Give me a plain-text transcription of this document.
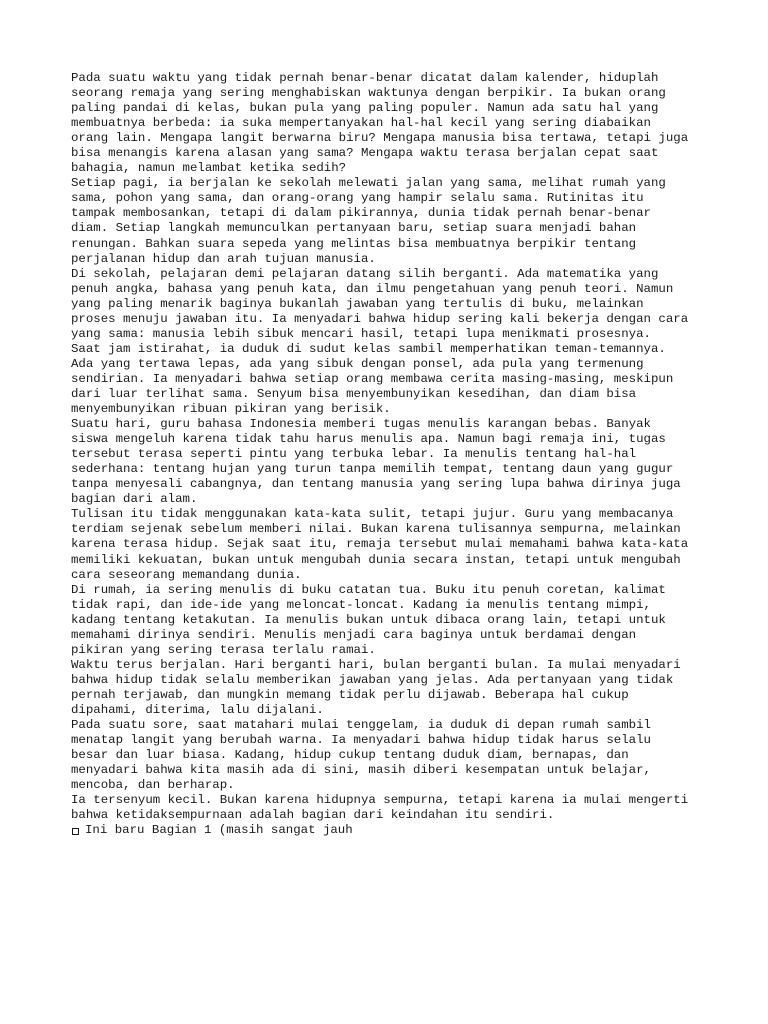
Pada suatu waktu yang tidak pernah benar-benar dicatat dalam kalender, hiduplah
seorang remaja yang sering menghabiskan waktunya dengan berpikir. Ia bukan orang
paling pandai di kelas, bukan pula yang paling populer. Namun ada satu hal yang
membuatnya berbeda: ia suka mempertanyakan hal-hal kecil yang sering diabaikan
orang lain. Mengapa langit berwarna biru? Mengapa manusia bisa tertawa, tetapi juga
bisa menangis karena alasan yang sama? Mengapa waktu terasa berjalan cepat saat
bahagia, namun melambat ketika sedih?
Setiap pagi, ia berjalan ke sekolah melewati jalan yang sama, melihat rumah yang
sama, pohon yang sama, dan orang-orang yang hampir selalu sama. Rutinitas itu
tampak membosankan, tetapi di dalam pikirannya, dunia tidak pernah benar-benar
diam. Setiap langkah memunculkan pertanyaan baru, setiap suara menjadi bahan
renungan. Bahkan suara sepeda yang melintas bisa membuatnya berpikir tentang
perjalanan hidup dan arah tujuan manusia.
Di sekolah, pelajaran demi pelajaran datang silih berganti. Ada matematika yang
penuh angka, bahasa yang penuh kata, dan ilmu pengetahuan yang penuh teori. Namun
yang paling menarik baginya bukanlah jawaban yang tertulis di buku, melainkan
proses menuju jawaban itu. Ia menyadari bahwa hidup sering kali bekerja dengan cara
yang sama: manusia lebih sibuk mencari hasil, tetapi lupa menikmati prosesnya.
Saat jam istirahat, ia duduk di sudut kelas sambil memperhatikan teman-temannya.
Ada yang tertawa lepas, ada yang sibuk dengan ponsel, ada pula yang termenung
sendirian. Ia menyadari bahwa setiap orang membawa cerita masing-masing, meskipun
dari luar terlihat sama. Senyum bisa menyembunyikan kesedihan, dan diam bisa
menyembunyikan ribuan pikiran yang berisik.
Suatu hari, guru bahasa Indonesia memberi tugas menulis karangan bebas. Banyak
siswa mengeluh karena tidak tahu harus menulis apa. Namun bagi remaja ini, tugas
tersebut terasa seperti pintu yang terbuka lebar. Ia menulis tentang hal-hal
sederhana: tentang hujan yang turun tanpa memilih tempat, tentang daun yang gugur
tanpa menyesali cabangnya, dan tentang manusia yang sering lupa bahwa dirinya juga
bagian dari alam.
Tulisan itu tidak menggunakan kata-kata sulit, tetapi jujur. Guru yang membacanya
terdiam sejenak sebelum memberi nilai. Bukan karena tulisannya sempurna, melainkan
karena terasa hidup. Sejak saat itu, remaja tersebut mulai memahami bahwa kata-kata
memiliki kekuatan, bukan untuk mengubah dunia secara instan, tetapi untuk mengubah
cara seseorang memandang dunia.
Di rumah, ia sering menulis di buku catatan tua. Buku itu penuh coretan, kalimat
tidak rapi, dan ide-ide yang meloncat-loncat. Kadang ia menulis tentang mimpi,
kadang tentang ketakutan. Ia menulis bukan untuk dibaca orang lain, tetapi untuk
memahami dirinya sendiri. Menulis menjadi cara baginya untuk berdamai dengan
pikiran yang sering terasa terlalu ramai.
Waktu terus berjalan. Hari berganti hari, bulan berganti bulan. Ia mulai menyadari
bahwa hidup tidak selalu memberikan jawaban yang jelas. Ada pertanyaan yang tidak
pernah terjawab, dan mungkin memang tidak perlu dijawab. Beberapa hal cukup
dipahami, diterima, lalu dijalani.
Pada suatu sore, saat matahari mulai tenggelam, ia duduk di depan rumah sambil
menatap langit yang berubah warna. Ia menyadari bahwa hidup tidak harus selalu
besar dan luar biasa. Kadang, hidup cukup tentang duduk diam, bernapas, dan
menyadari bahwa kita masih ada di sini, masih diberi kesempatan untuk belajar,
mencoba, dan berharap.
Ia tersenyum kecil. Bukan karena hidupnya sempurna, tetapi karena ia mulai mengerti
bahwa ketidaksempurnaan adalah bagian dari keindahan itu sendiri.
Ini baru Bagian 1 (masih sangat jauh
